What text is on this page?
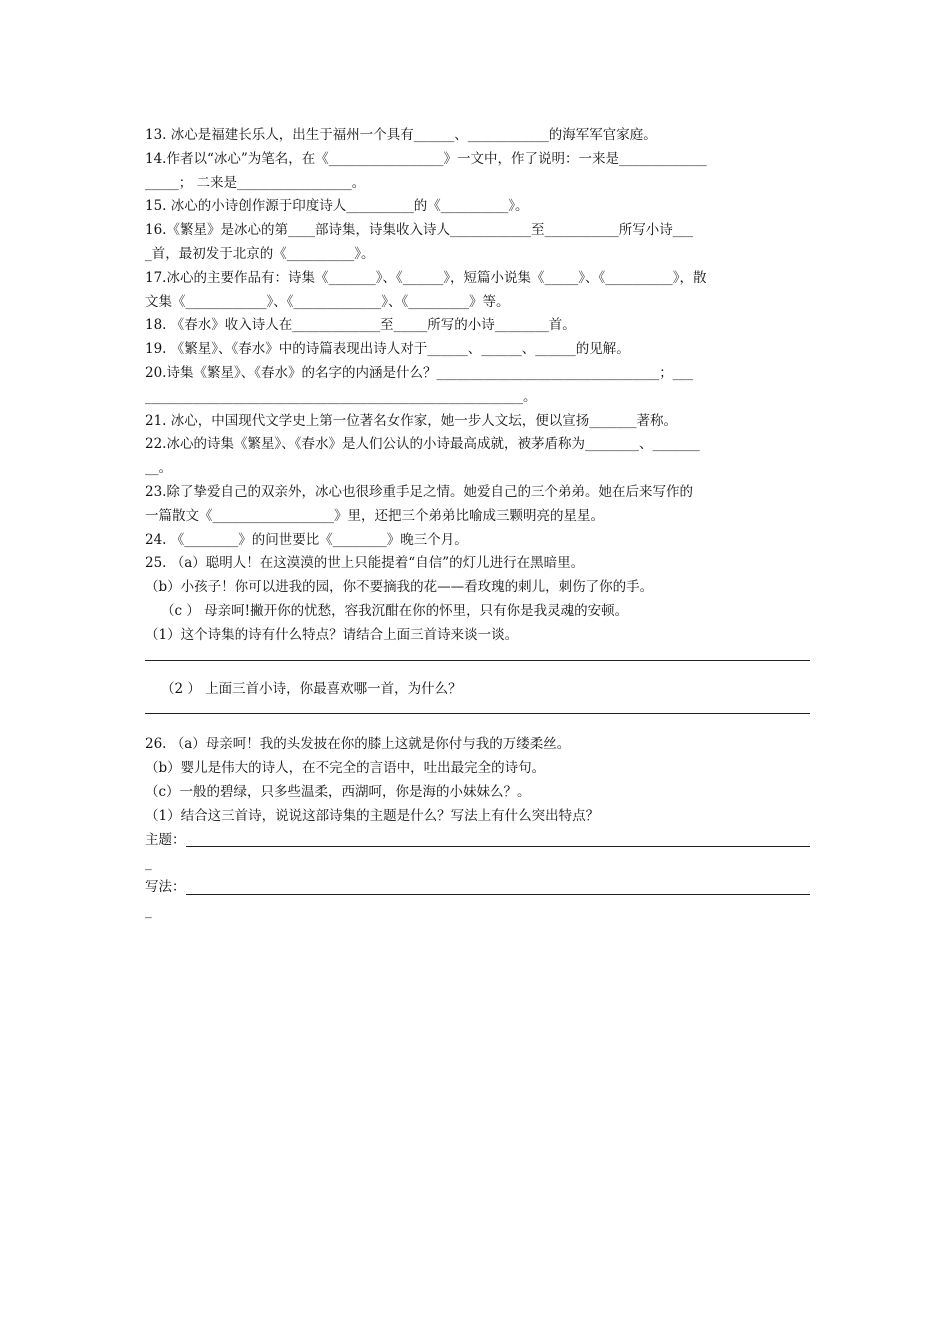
13. 冰心是福建长乐人，出生于福州一个具有______、____________的海军军官家庭。
14.作者以“冰心”为笔名，在《_________________》一文中，作了说明：一来是_____________
_____； 二来是_________________。
15. 冰心的小诗创作源于印度诗人__________的《__________》。
16.《繁星》是冰心的第____部诗集，诗集收入诗人____________至___________所写小诗___
_首，最初发于北京的《__________》。
17.冰心的主要作品有：诗集《_______》、《______》，短篇小说集《_____》、《__________》，散
文集《____________》、《_____________》、《_________》等。
18. 《春水》收入诗人在_____________至_____所写的小诗________首。
19. 《繁星》、《春水》中的诗篇表现出诗人对于______、______、______的见解。
20.诗集《繁星》、《春水》的名字的内涵是什么？_________________________________；___
________________________________________________________。
21. 冰心，中国现代文学史上第一位著名女作家，她一步人文坛，便以宣扬_______著称。
22.冰心的诗集《繁星》、《春水》是人们公认的小诗最高成就，被茅盾称为________、_______
__。
23.除了挚爱自己的双亲外，冰心也很珍重手足之情。她爱自己的三个弟弟。她在后来写作的
一篇散文《__________________》里，还把三个弟弟比喻成三颗明亮的星星。
24. 《________》的问世要比《________》晚三个月。
25. （a）聪明人！在这漠漠的世上只能提着“自信”的灯儿进行在黑暗里。
（b）小孩子！你可以进我的园，你不要摘我的花——看玫瑰的刺儿，刺伤了你的手。
（c ） 母亲呵!撇开你的忧愁，容我沉酣在你的怀里，只有你是我灵魂的安顿。
（1）这个诗集的诗有什么特点？请结合上面三首诗来谈一谈。
（2 ） 上面三首小诗，你最喜欢哪一首，为什么？
26. （a）母亲呵！我的头发披在你的膝上这就是你付与我的万缕柔丝。
（b）婴儿是伟大的诗人，在不完全的言语中，吐出最完全的诗句。
（c）一般的碧绿，只多些温柔，西湖呵，你是海的小妹妹么？。
（1）结合这三首诗，说说这部诗集的主题是什么？写法上有什么突出特点？
主题：
_
写法：
_
